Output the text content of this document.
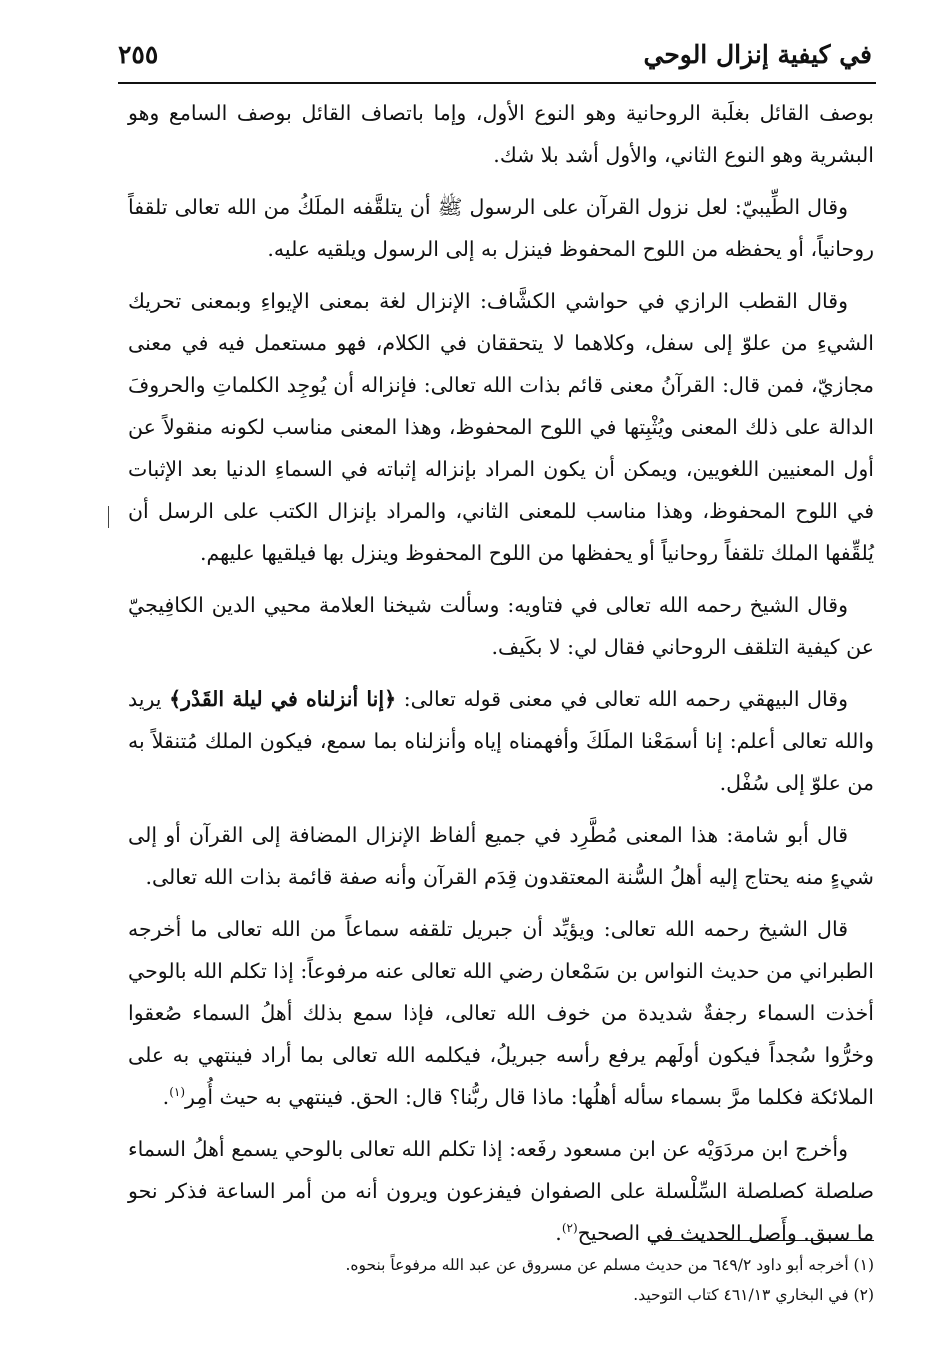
في كيفية إنزال الوحي
٢٥٥

بوصف القائل بغلَبة الروحانية وهو النوع الأول، وإما باتصاف القائل بوصف السامع وهو البشرية وهو النوع الثاني، والأول أشد بلا شك.

وقال الطِّيبيّ: لعل نزول القرآن على الرسول ﷺ أن يتلقَّفه الملَكُ من الله تعالى تلقفاً روحانياً، أو يحفظه من اللوح المحفوظ فينزل به إلى الرسول ويلقيه عليه.

وقال القطب الرازي في حواشي الكشَّاف: الإنزال لغة بمعنى الإيواءِ وبمعنى تحريك الشيءِ من علوّ إلى سفل، وكلاهما لا يتحققان في الكلام، فهو مستعمل فيه في معنى مجازيّ، فمن قال: القرآنُ معنى قائم بذات الله تعالى: فإنزاله أن يُوجِد الكلماتِ والحروفَ الدالة على ذلك المعنى ويُثْبِتها في اللوح المحفوظ، وهذا المعنى مناسب لكونه منقولاً عن أول المعنيين اللغويين، ويمكن أن يكون المراد بإنزاله إثباته في السماءِ الدنيا بعد الإثبات في اللوح المحفوظ، وهذا مناسب للمعنى الثاني، والمراد بإنزال الكتب على الرسل أن يُلقِّفها الملك تلقفاً روحانياً أو يحفظها من اللوح المحفوظ وينزل بها فيلقيها عليهم.

وقال الشيخ رحمه الله تعالى في فتاويه: وسألت شيخنا العلامة محيي الدين الكافِيجيّ عن كيفية التلقف الروحاني فقال لي: لا بكَيف.

وقال البيهقي رحمه الله تعالى في معنى قوله تعالى: ﴿إنا أنزلناه في ليلة القَدْر﴾ يريد والله تعالى أعلم: إنا أسمَعْنا الملَكَ وأفهمناه إياه وأنزلناه بما سمع، فيكون الملك مُتنقلاً به من علوّ إلى سُفْل.

قال أبو شامة: هذا المعنى مُطَّرِد في جميع ألفاظ الإنزال المضافة إلى القرآن أو إلى شيءٍ منه يحتاج إليه أهلُ السُّنة المعتقدون قِدَم القرآن وأنه صفة قائمة بذات الله تعالى.

قال الشيخ رحمه الله تعالى: ويؤيِّد أن جبريل تلقفه سماعاً من الله تعالى ما أخرجه الطبراني من حديث النواس بن سَمْعان رضي الله تعالى عنه مرفوعاً: إذا تكلم الله بالوحي أخذت السماء رجفةٌ شديدة من خوف الله تعالى، فإذا سمع بذلك أهلُ السماء صُعقوا وخرُّوا سُجداً فيكون أولَهم يرفع رأسه جبريلُ، فيكلمه الله تعالى بما أراد فينتهي به على الملائكة فكلما مرَّ بسماء سأله أهلُها: ماذا قال ربُّنا؟ قال: الحق. فينتهي به حيث أُمِر$^{(١)}$.

وأخرج ابن مردَوَيْه عن ابن مسعود رفَعه: إذا تكلم الله تعالى بالوحي يسمع أهلُ السماء صلصلة كصلصلة السِّلْسلة على الصفوان فيفزعون ويرون أنه من أمر الساعة فذكر نحو ما سبق. وأَصل الحديث في الصحيح$^{(٢)}$.

(١) أخرجه أبو داود ٦٤٩/٢ من حديث مسلم عن مسروق عن عبد الله مرفوعاً بنحوه.

(٢) في البخاري ٤٦١/١٣ كتاب التوحيد.
